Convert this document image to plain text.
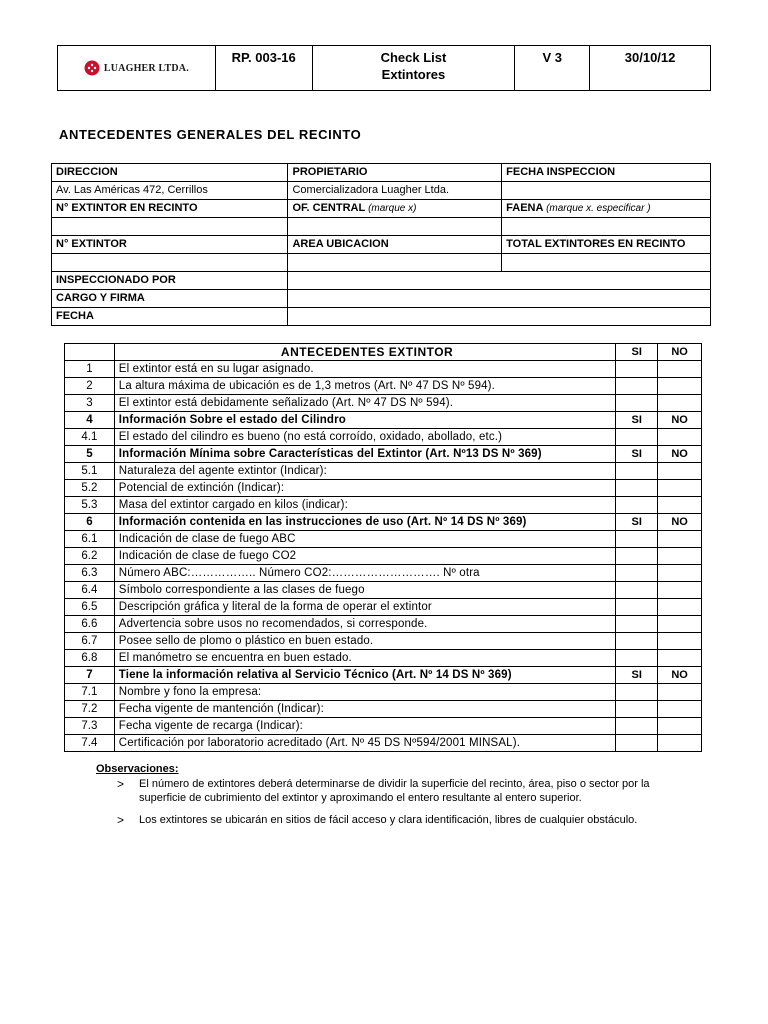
LUAGHER LTDA.
	RP. 003-16	Check List
Extintores
	V 3	30/10/12
ANTECEDENTES GENERALES DEL RECINTO
DIRECCION	PROPIETARIO	FECHA INSPECCION
Av. Las Américas 472, Cerrillos	Comercializadora Luagher Ltda.	
N° EXTINTOR EN RECINTO	OF. CENTRAL (marque x)	FAENA (marque x. especificar )

N° EXTINTOR	AREA UBICACION	TOTAL EXTINTORES EN RECINTO

INSPECCIONADO POR		
CARGO Y FIRMA		
FECHA		
	ANTECEDENTES EXTINTOR	SI	NO
1	El extintor está en su lugar asignado.		
2	La altura máxima de ubicación es de 1,3 metros (Art. Nº 47 DS Nº 594).		
3	El extintor está debidamente señalizado (Art. Nº 47 DS Nº 594).		
4	Información Sobre el estado del Cilindro	SI	NO
4.1	El estado del cilindro es bueno (no está corroído, oxidado, abollado, etc.)		
5	Información Mínima sobre Características del Extintor (Art. Nº13 DS Nº 369)	SI	NO
5.1	Naturaleza del agente extintor (Indicar):		
5.2	Potencial de extinción (Indicar):		
5.3	Masa del extintor cargado en kilos (indicar):		
6	Información contenida en las instrucciones de uso (Art. Nº 14 DS Nº 369)	SI	NO
6.1	Indicación de clase de fuego ABC		
6.2	Indicación de clase de fuego CO2		
6.3	Número ABC:…………….. Número CO2:………………………. Nº otra		
6.4	Símbolo correspondiente a las clases de fuego		
6.5	Descripción gráfica y literal de la forma de operar el extintor		
6.6	Advertencia sobre usos no recomendados, si corresponde.		
6.7	Posee sello de plomo o plástico en buen estado.		
6.8	El manómetro se encuentra en buen estado.		
7	Tiene la información relativa al Servicio Técnico (Art. Nº 14 DS Nº 369)	SI	NO
7.1	Nombre y fono la empresa:		
7.2	Fecha vigente de mantención (Indicar):		
7.3	Fecha vigente de recarga (Indicar):		
7.4	Certificación por laboratorio acreditado (Art. Nº 45 DS Nº594/2001 MINSAL).		
Observaciones:
> El número de extintores deberá determinarse de dividir la superficie del recinto, área, piso o sector por la superficie de cubrimiento del extintor y aproximando el entero resultante al entero superior.
> Los extintores se ubicarán en sitios de fácil acceso y clara identificación, libres de cualquier obstáculo.
